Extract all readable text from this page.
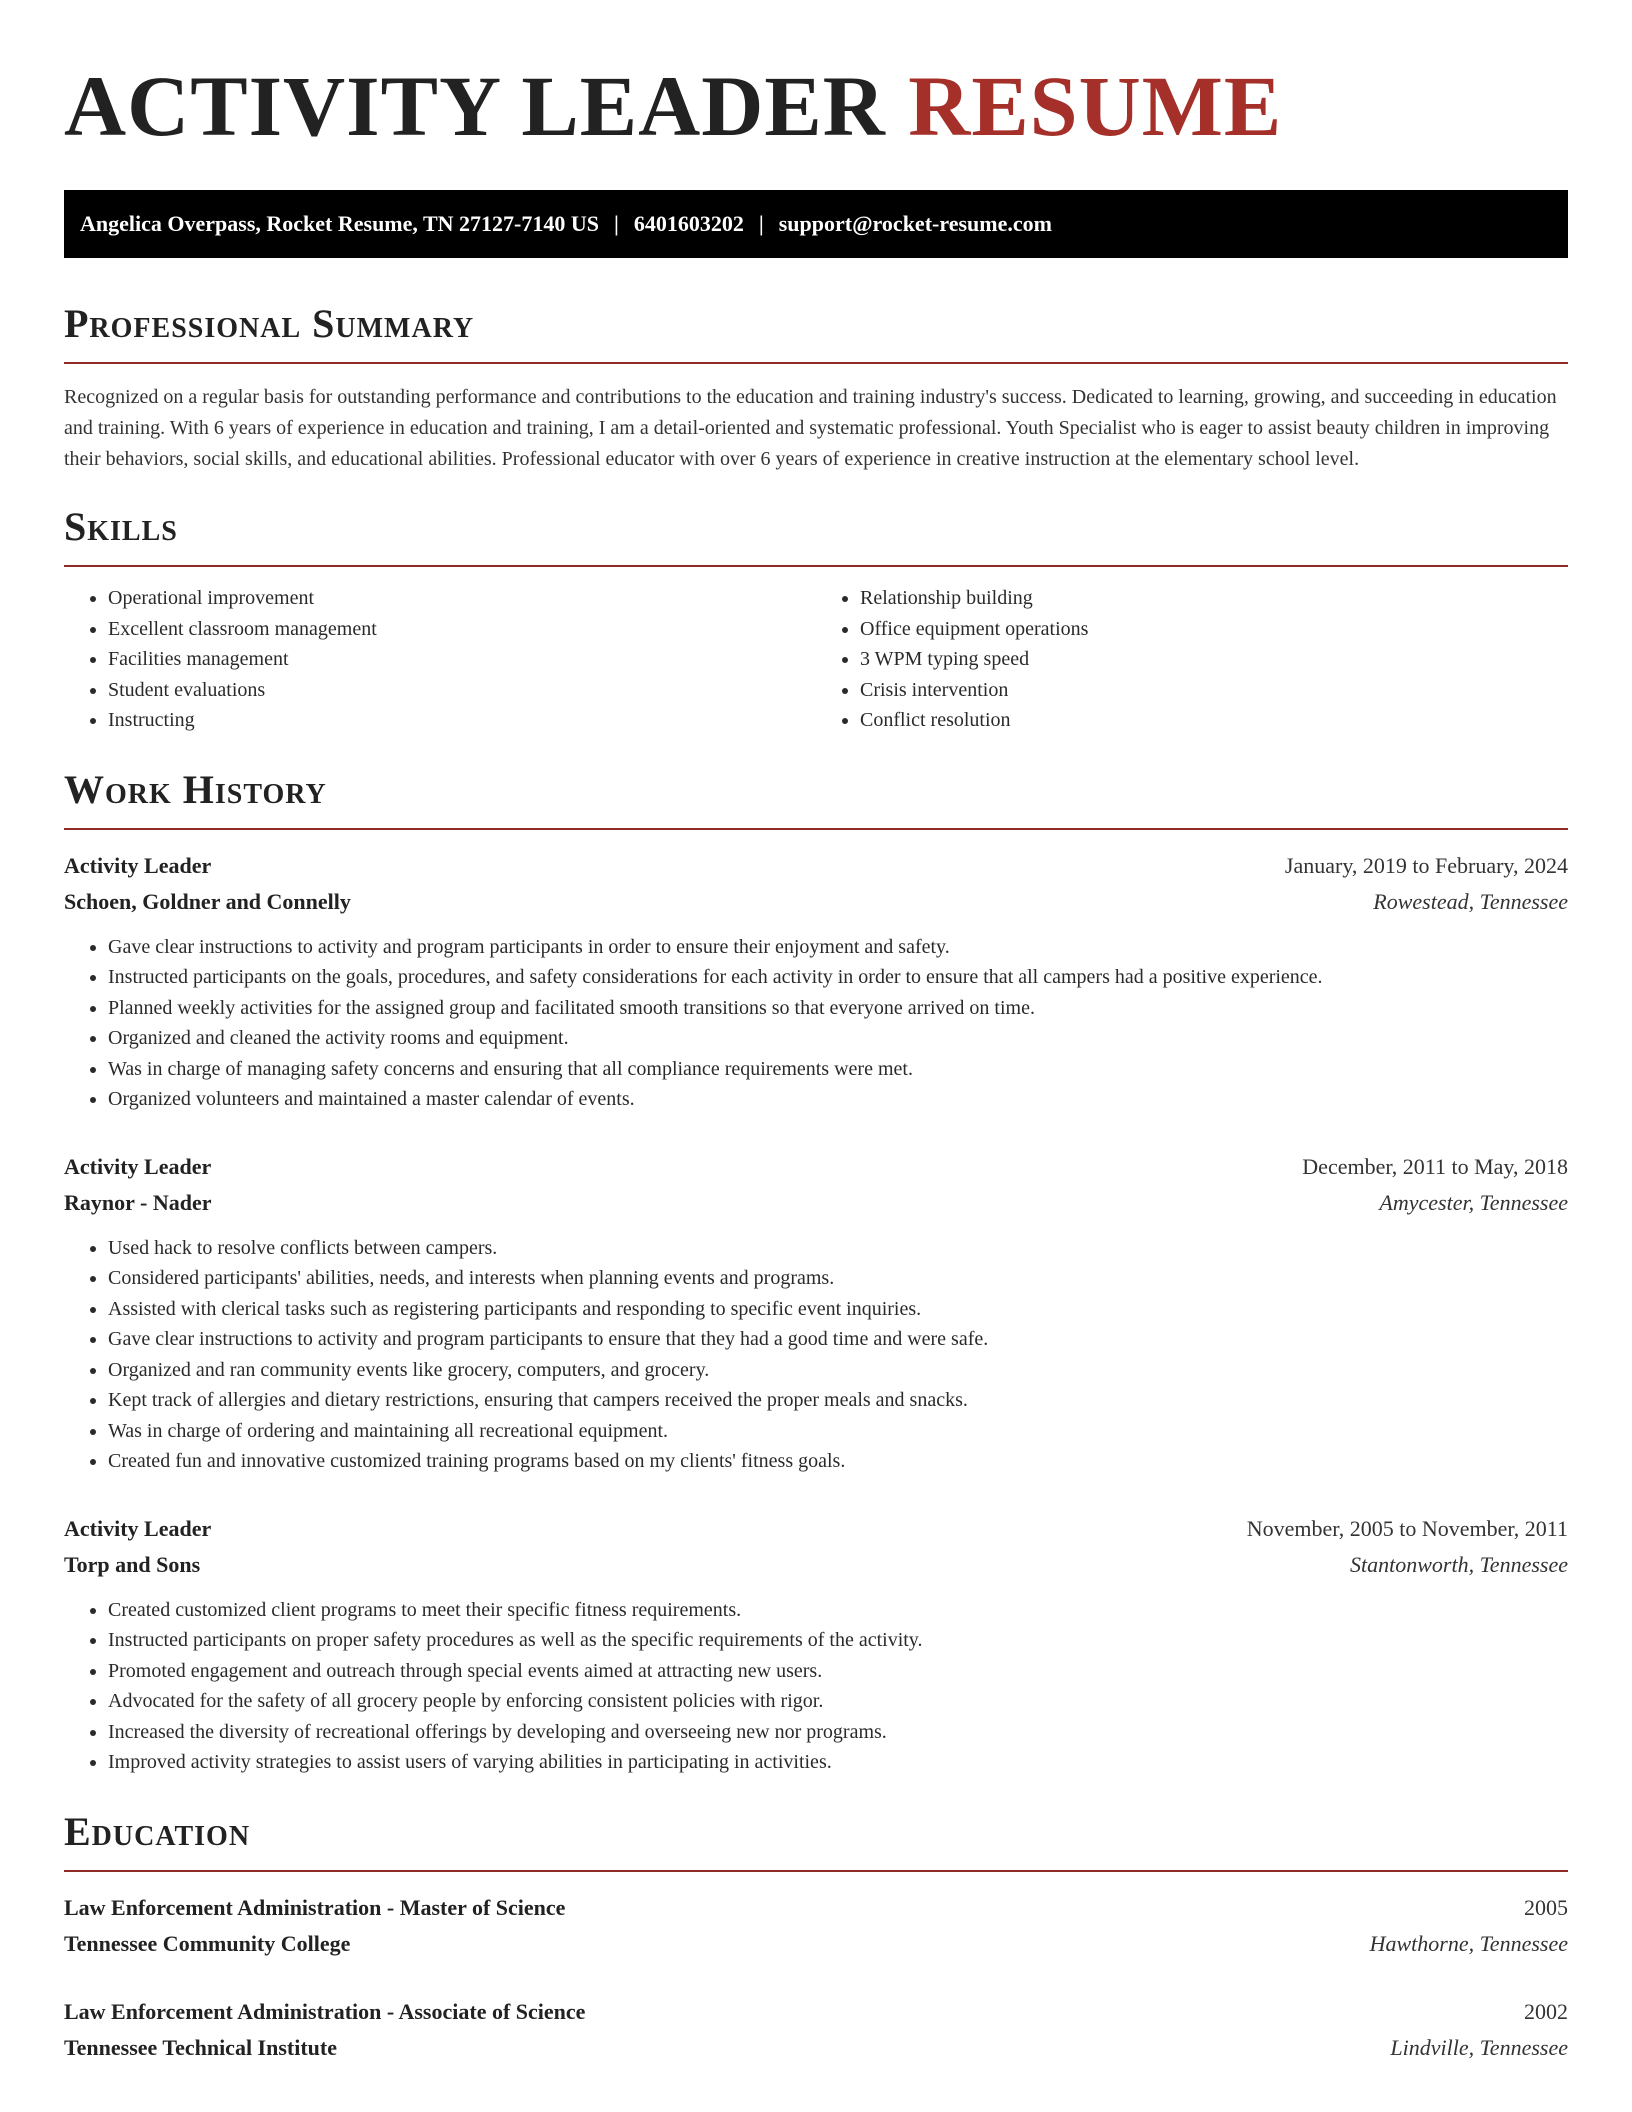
ACTIVITY LEADER RESUME
Angelica Overpass, Rocket Resume, TN 27127-7140 US | 6401603202 | support@rocket-resume.com
Professional Summary

Recognized on a regular basis for outstanding performance and contributions to the education and training industry's success. Dedicated to learning, growing, and succeeding in education and training. With 6 years of experience in education and training, I am a detail-oriented and systematic professional. Youth Specialist who is eager to assist beauty children in improving their behaviors, social skills, and educational abilities. Professional educator with over 6 years of experience in creative instruction at the elementary school level.

Skills
• Operational improvement
• Excellent classroom management
• Facilities management
• Student evaluations
• Instructing
• Relationship building
• Office equipment operations
• 3 WPM typing speed
• Crisis intervention
• Conflict resolution
Work History
Activity Leader	January, 2019 to February, 2024
Schoen, Goldner and Connelly	Rowestead, Tennessee
• Gave clear instructions to activity and program participants in order to ensure their enjoyment and safety.
• Instructed participants on the goals, procedures, and safety considerations for each activity in order to ensure that all campers had a positive experience.
• Planned weekly activities for the assigned group and facilitated smooth transitions so that everyone arrived on time.
• Organized and cleaned the activity rooms and equipment.
• Was in charge of managing safety concerns and ensuring that all compliance requirements were met.
• Organized volunteers and maintained a master calendar of events.
Activity Leader	December, 2011 to May, 2018
Raynor - Nader	Amycester, Tennessee
• Used hack to resolve conflicts between campers.
• Considered participants' abilities, needs, and interests when planning events and programs.
• Assisted with clerical tasks such as registering participants and responding to specific event inquiries.
• Gave clear instructions to activity and program participants to ensure that they had a good time and were safe.
• Organized and ran community events like grocery, computers, and grocery.
• Kept track of allergies and dietary restrictions, ensuring that campers received the proper meals and snacks.
• Was in charge of ordering and maintaining all recreational equipment.
• Created fun and innovative customized training programs based on my clients' fitness goals.
Activity Leader	November, 2005 to November, 2011
Torp and Sons	Stantonworth, Tennessee
• Created customized client programs to meet their specific fitness requirements.
• Instructed participants on proper safety procedures as well as the specific requirements of the activity.
• Promoted engagement and outreach through special events aimed at attracting new users.
• Advocated for the safety of all grocery people by enforcing consistent policies with rigor.
• Increased the diversity of recreational offerings by developing and overseeing new nor programs.
• Improved activity strategies to assist users of varying abilities in participating in activities.
Education
Law Enforcement Administration - Master of Science	2005
Tennessee Community College	Hawthorne, Tennessee
Law Enforcement Administration - Associate of Science	2002
Tennessee Technical Institute	Lindville, Tennessee
